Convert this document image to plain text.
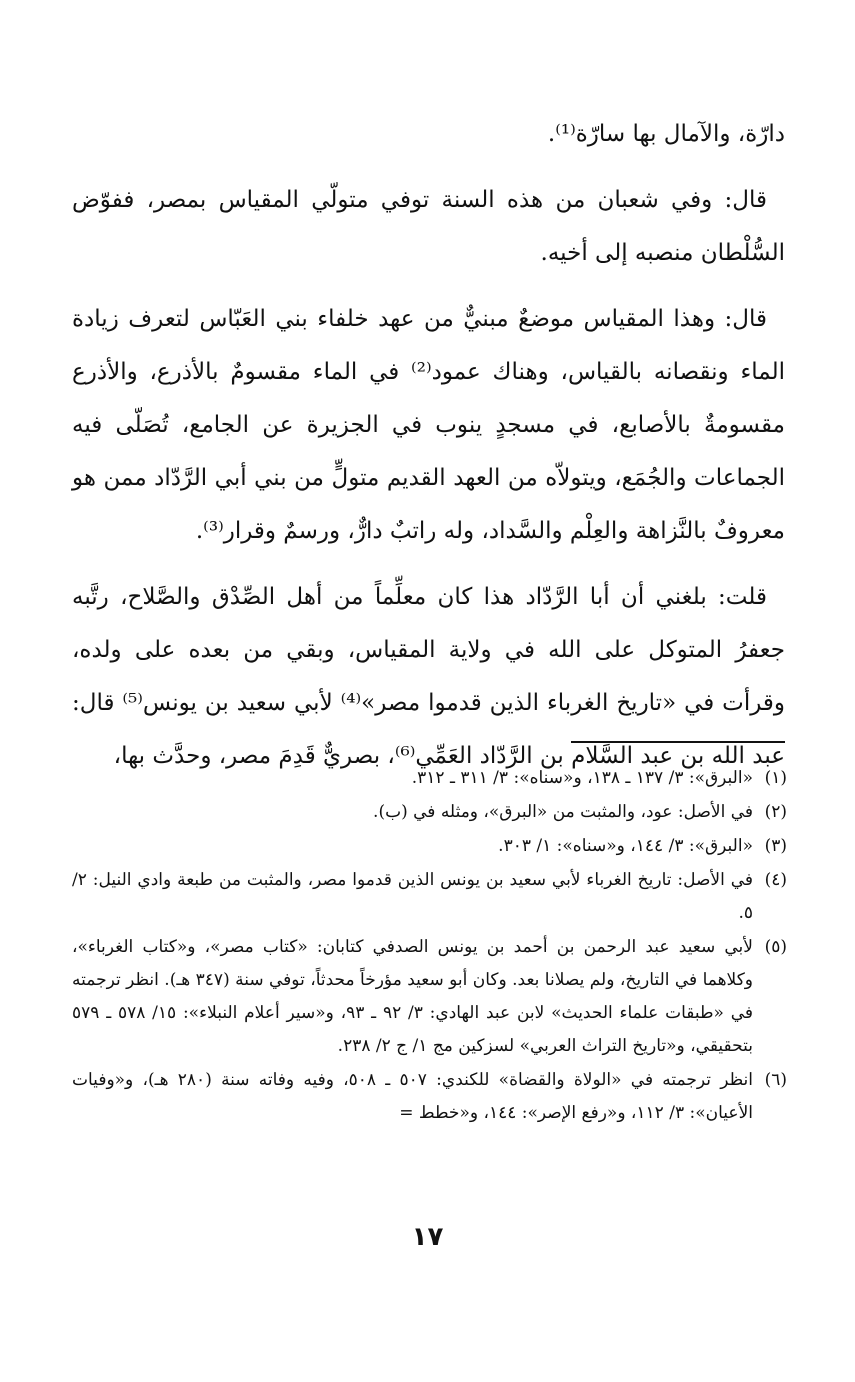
دارّة، والآمال بها سارّة⁽¹⁾.

قال: وفي شعبان من هذه السنة توفي متولّي المقياس بمصر، ففوّض السُّلْطان منصبه إلى أخيه.

قال: وهذا المقياس موضعٌ مبنيٌّ من عهد خلفاء بني العَبّاس لتعرف زيادة الماء ونقصانه بالقياس، وهناك عمود⁽²⁾ في الماء مقسومٌ بالأذرع، والأذرع مقسومةٌ بالأصابع، في مسجدٍ ينوب في الجزيرة عن الجامع، تُصَلّى فيه الجماعات والجُمَع، ويتولاّه من العهد القديم متولٍّ من بني أبي الرَّدّاد ممن هو معروفٌ بالنَّزاهة والعِلْم والسَّداد، وله راتبٌ دارٌّ، ورسمٌ وقرار⁽³⁾.

قلت: بلغني أن أبا الرَّدّاد هذا كان معلِّماً من أهل الصِّدْق والصَّلاح، رتَّبه جعفرُ المتوكل على الله في ولاية المقياس، وبقي من بعده على ولده، وقرأت في «تاريخ الغرباء الذين قدموا مصر»⁽⁴⁾ لأبي سعيد بن يونس⁽⁵⁾ قال: عبد الله بن عبد السَّلام بن الرَّدّاد العَمِّي⁽⁶⁾، بصريٌّ قَدِمَ مصر، وحدَّث بها،

(١)
«البرق»: ٣/ ١٣٧ ـ ١٣٨، و«سناه»: ٣/ ٣١١ ـ ٣١٢.
(٢)
في الأصل: عود، والمثبت من «البرق»، ومثله في (ب).
(٣)
«البرق»: ٣/ ١٤٤، و«سناه»: ١/ ٣٠٣.
(٤)
في الأصل: تاريخ الغرباء لأبي سعيد بن يونس الذين قدموا مصر، والمثبت من طبعة وادي النيل: ٢/ ٥.
(٥)
لأبي سعيد عبد الرحمن بن أحمد بن يونس الصدفي كتابان: «كتاب مصر»، و«كتاب الغرباء»، وكلاهما في التاريخ، ولم يصلانا بعد. وكان أبو سعيد مؤرخاً محدثاً، توفي سنة (٣٤٧ هـ). انظر ترجمته في «طبقات علماء الحديث» لابن عبد الهادي: ٣/ ٩٢ ـ ٩٣، و«سير أعلام النبلاء»: ١٥/ ٥٧٨ ـ ٥٧٩ بتحقيقي، و«تاريخ التراث العربي» لسزكين مج ١/ ج ٢/ ٢٣٨.
(٦)
انظر ترجمته في «الولاة والقضاة» للكندي: ٥٠٧ ـ ٥٠٨، وفيه وفاته سنة (٢٨٠ هـ)، و«وفيات الأعيان»: ٣/ ١١٢، و«رفع الإصر»: ١٤٤، و«خطط =
١٧
